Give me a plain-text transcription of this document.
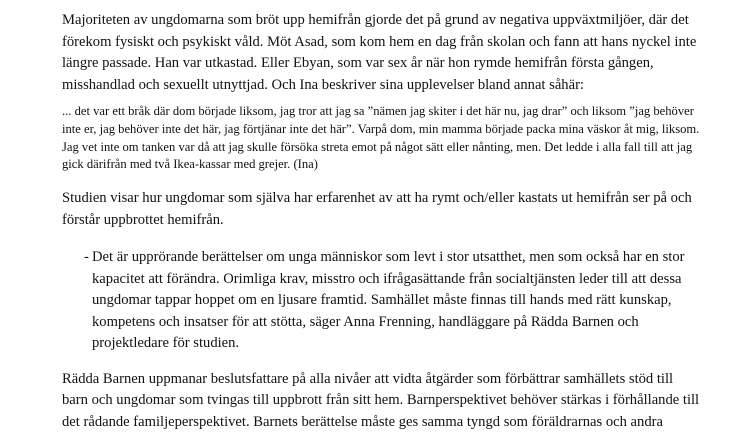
Majoriteten av ungdomarna som bröt upp hemifrån gjorde det på grund av negativa uppväxtmiljöer, där det förekom fysiskt och psykiskt våld. Möt Asad, som kom hem en dag från skolan och fann att hans nyckel inte längre passade. Han var utkastad. Eller Ebyan, som var sex år när hon rymde hemifrån första gången, misshandlad och sexuellt utnyttjad. Och Ina beskriver sina upplevelser bland annat såhär:

... det var ett bråk där dom började liksom, jag tror att jag sa ”nämen jag skiter i det här nu, jag drar” och liksom ”jag behöver inte er, jag behöver inte det här, jag förtjänar inte det här”. Varpå dom, min mamma började packa mina väskor åt mig, liksom. Jag vet inte om tanken var då att jag skulle försöka streta emot på något sätt eller nånting, men. Det ledde i alla fall till att jag gick därifrån med två Ikea-kassar med grejer. (Ina)

Studien visar hur ungdomar som själva har erfarenhet av att ha rymt och/eller kastats ut hemifrån ser på och förstår uppbrottet hemifrån.

- Det är upprörande berättelser om unga människor som levt i stor utsatthet, men som också har en stor kapacitet att förändra. Orimliga krav, misstro och ifrågasättande från socialtjänsten leder till att dessa ungdomar tappar hoppet om en ljusare framtid. Samhället måste finnas till hands med rätt kunskap, kompetens och insatser för att stötta, säger Anna Frenning, handläggare på Rädda Barnen och projektledare för studien.

Rädda Barnen uppmanar beslutsfattare på alla nivåer att vidta åtgärder som förbättrar samhällets stöd till barn och ungdomar som tvingas till uppbrott från sitt hem. Barnperspektivet behöver stärkas i förhållande till det rådande familjeperspektivet. Barnets berättelse måste ges samma tyngd som föräldrarnas och andra
